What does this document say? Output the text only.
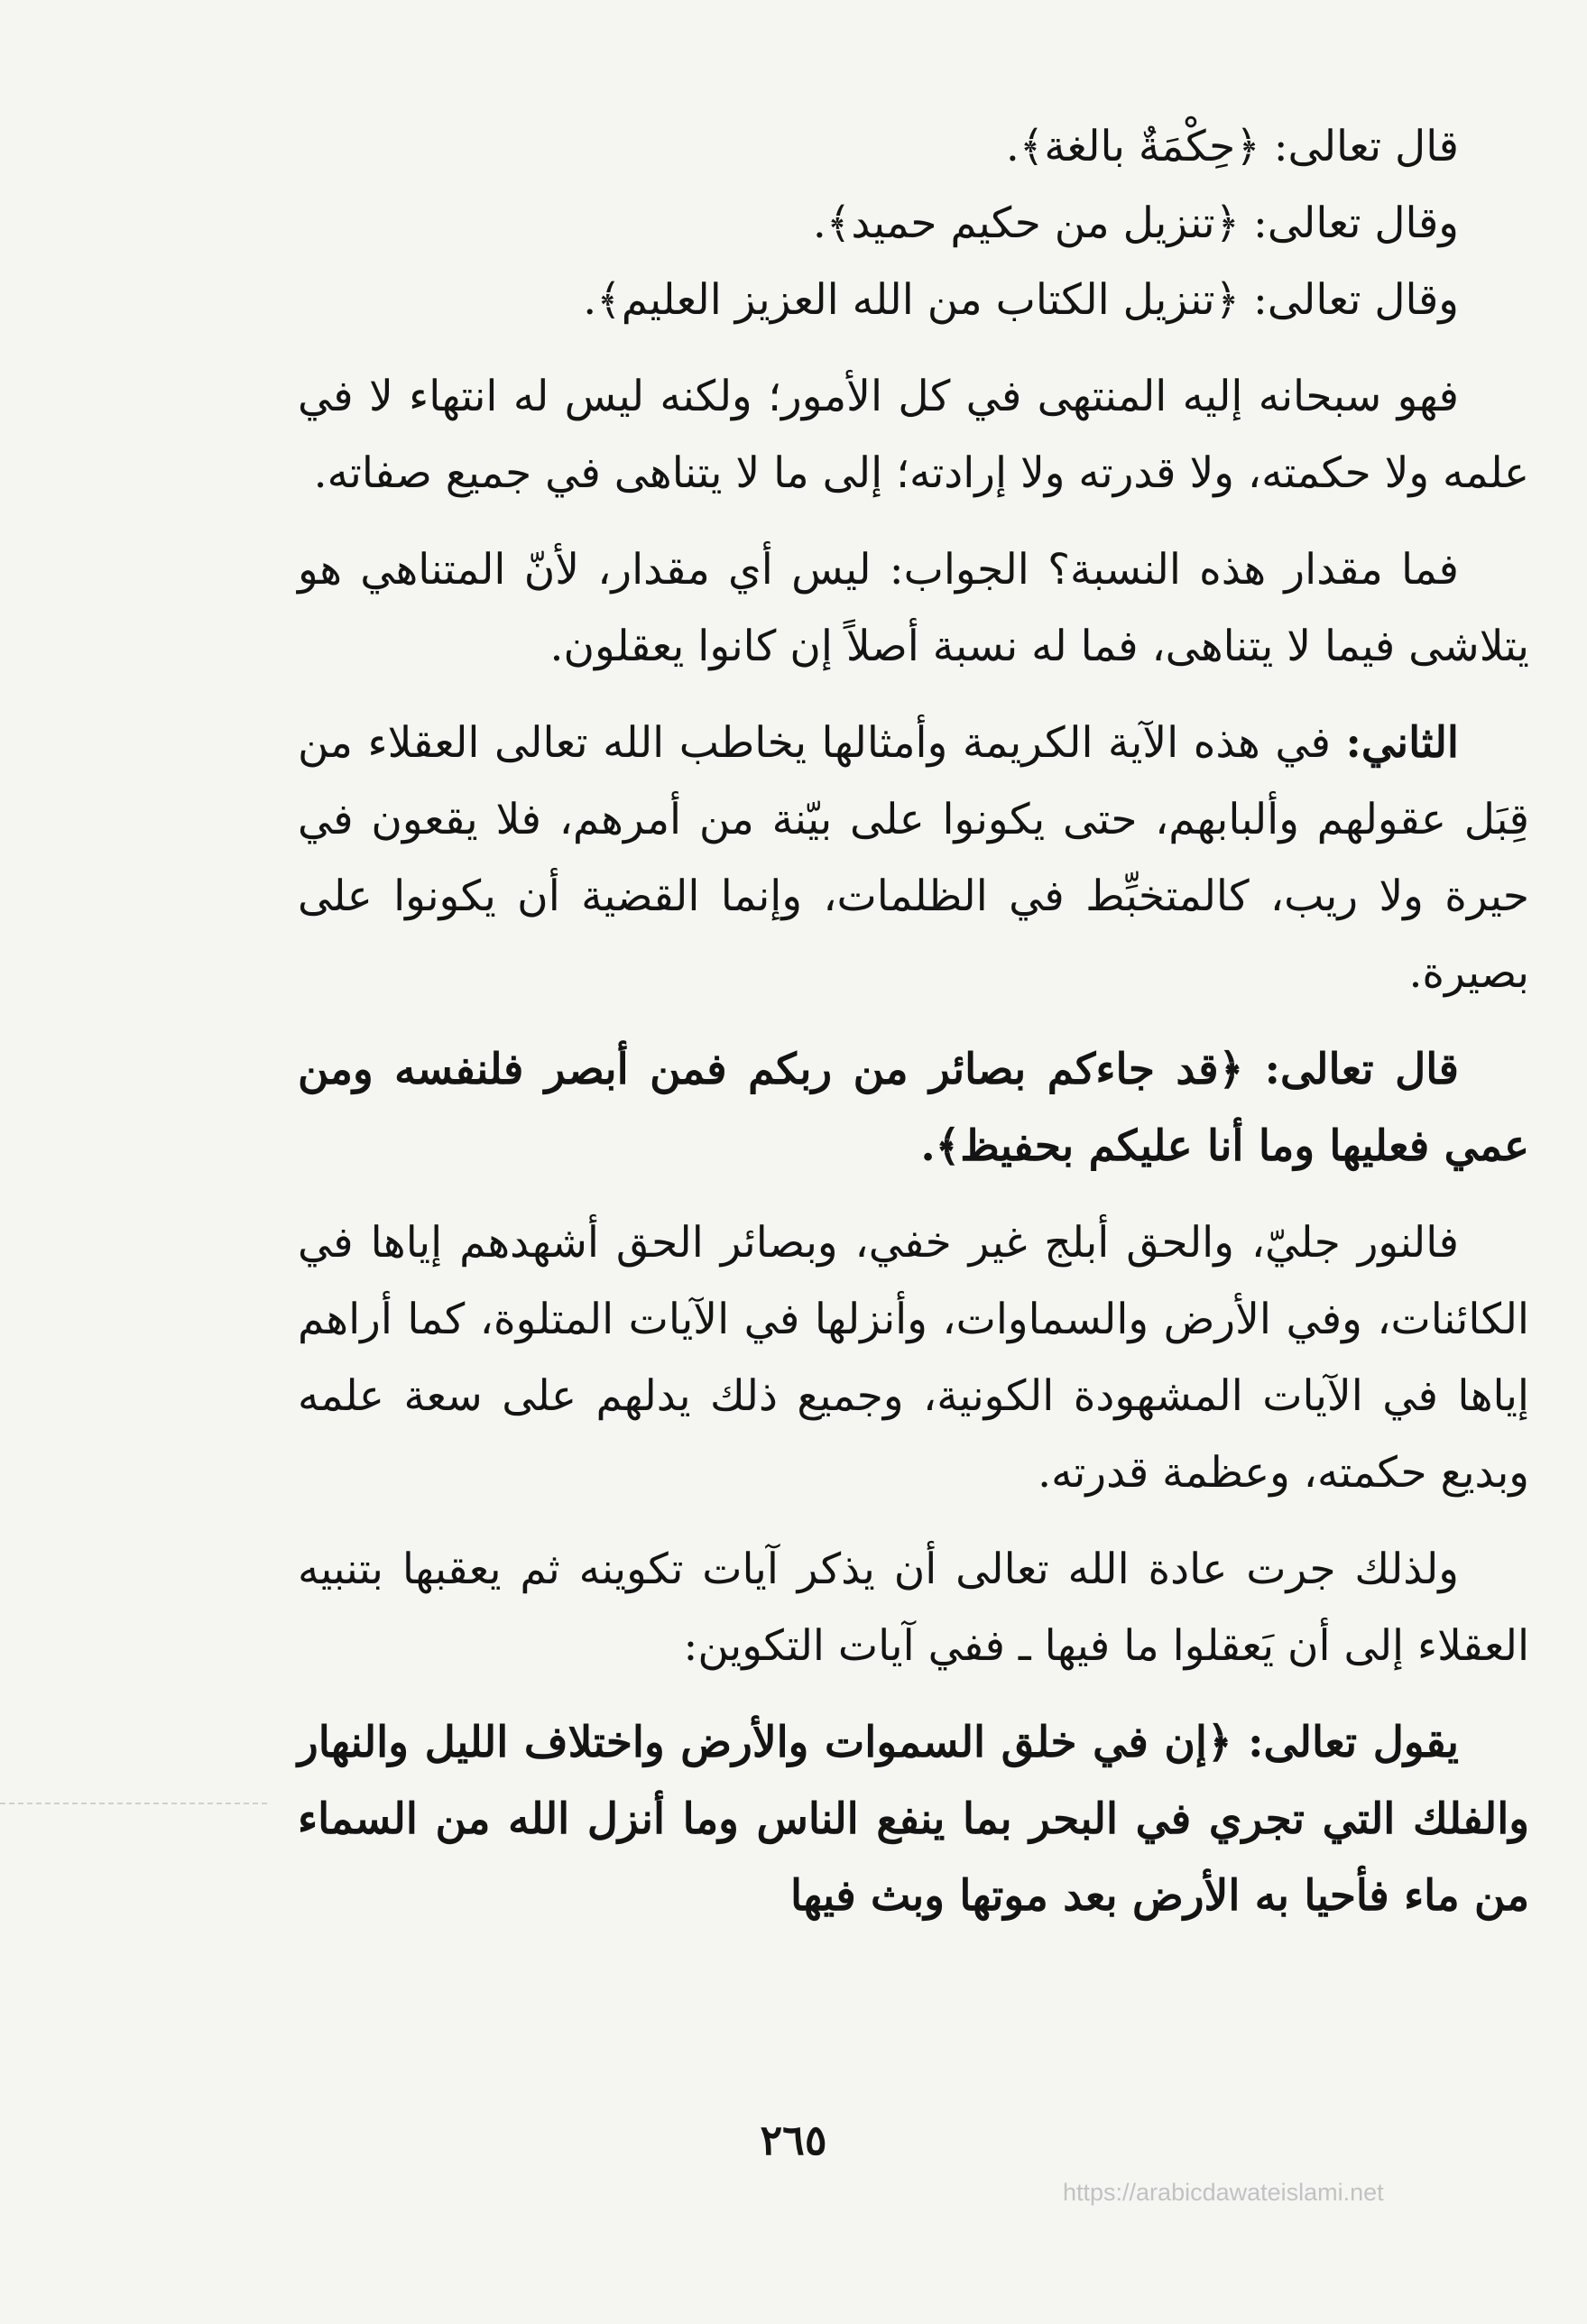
قال تعالى: ﴿حِكْمَةٌ بالغة﴾.

وقال تعالى: ﴿تنزيل من حكيم حميد﴾.

وقال تعالى: ﴿تنزيل الكتاب من الله العزيز العليم﴾.

فهو سبحانه إليه المنتهى في كل الأمور؛ ولكنه ليس له انتهاء لا في علمه ولا حكمته، ولا قدرته ولا إرادته؛ إلى ما لا يتناهى في جميع صفاته.

فما مقدار هذه النسبة؟ الجواب: ليس أي مقدار، لأنّ المتناهي هو يتلاشى فيما لا يتناهى، فما له نسبة أصلاً إن كانوا يعقلون.

الثاني: في هذه الآية الكريمة وأمثالها يخاطب الله تعالى العقلاء من قِبَل عقولهم وألبابهم، حتى يكونوا على بيّنة من أمرهم، فلا يقعون في حيرة ولا ريب، كالمتخبِّط في الظلمات، وإنما القضية أن يكونوا على بصيرة.

قال تعالى: ﴿قد جاءكم بصائر من ربكم فمن أبصر فلنفسه ومن عمي فعليها وما أنا عليكم بحفيظ﴾.

فالنور جليّ، والحق أبلج غير خفي، وبصائر الحق أشهدهم إياها في الكائنات، وفي الأرض والسماوات، وأنزلها في الآيات المتلوة، كما أراهم إياها في الآيات المشهودة الكونية، وجميع ذلك يدلهم على سعة علمه وبديع حكمته، وعظمة قدرته.

ولذلك جرت عادة الله تعالى أن يذكر آيات تكوينه ثم يعقبها بتنبيه العقلاء إلى أن يَعقلوا ما فيها ـ ففي آيات التكوين:

يقول تعالى: ﴿إن في خلق السموات والأرض واختلاف الليل والنهار والفلك التي تجري في البحر بما ينفع الناس وما أنزل الله من السماء من ماء فأحيا به الأرض بعد موتها وبث فيها

٢٦٥
https://arabicdawateislami.net
